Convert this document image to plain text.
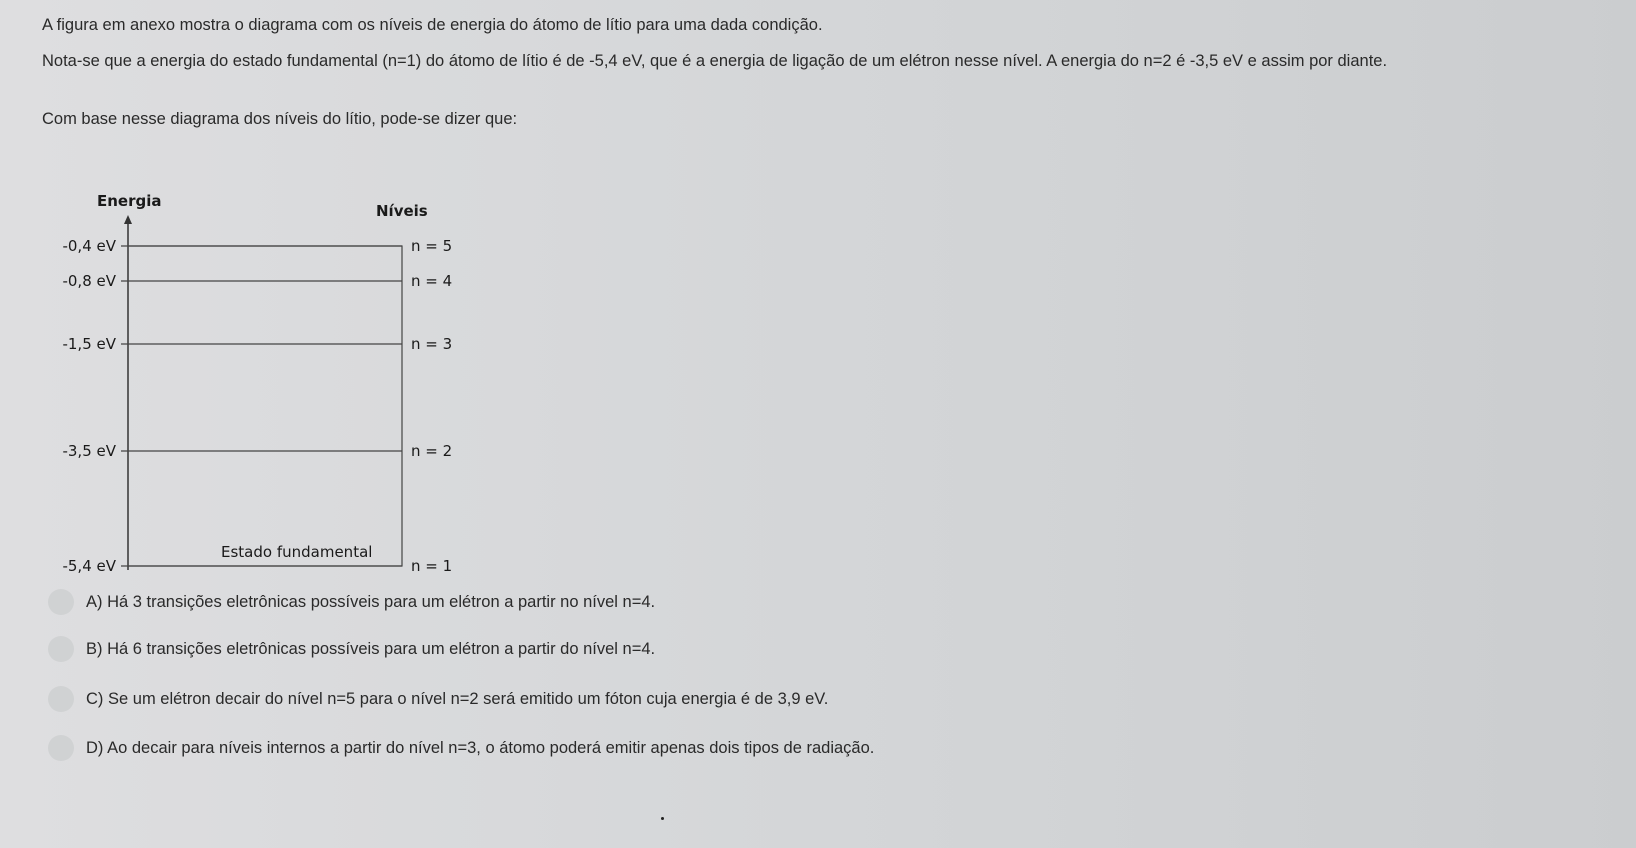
A figura em anexo mostra o diagrama com os níveis de energia do átomo de lítio para uma dada condição.
Nota-se que a energia do estado fundamental (n=1) do átomo de lítio é de -5,4 eV, que é a energia de ligação de um elétron nesse nível. A energia do n=2 é -3,5 eV e assim por diante.
Com base nesse diagrama dos níveis do lítio, pode-se dizer que:
Energia
Níveis
Estado fundamental
-0,4 eV	n = 5
-0,8 eV	n = 4
-1,5 eV	n = 3
-3,5 eV	n = 2
-5,4 eV	n = 1
A) Há 3 transições eletrônicas possíveis para um elétron a partir no nível n=4.
B) Há 6 transições eletrônicas possíveis para um elétron a partir do nível n=4.
C) Se um elétron decair do nível n=5 para o nível n=2 será emitido um fóton cuja energia é de 3,9 eV.
D) Ao decair para níveis internos a partir do nível n=3, o átomo poderá emitir apenas dois tipos de radiação.
